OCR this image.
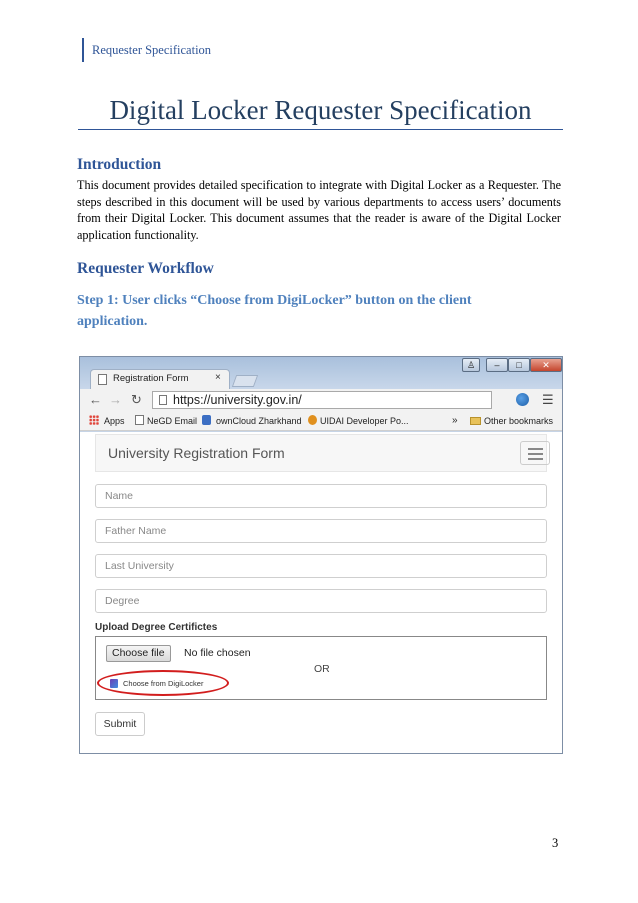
Requester Specification
Digital Locker Requester Specification
Introduction

This document provides detailed specification to integrate with Digital Locker as a Requester. The steps described in this document will be used by various departments to access users’ documents from their Digital Locker. This document assumes that the reader is aware of the Digital Locker application functionality.

Requester Workflow
Step 1: User clicks “Choose from DigiLocker” button on the client application.
♙	–	□	✕
Registration Form	×
← → ↻ https://university.gov.in/	☰
Apps NeGD Email ownCloud Zharkhand UIDAI Developer Po...	»	Other bookmarks
University Registration Form
Name
Father Name
Last University
Degree
Upload Degree Certifictes
Choose file	No file chosen
OR
Choose from DigiLocker
Submit
3
